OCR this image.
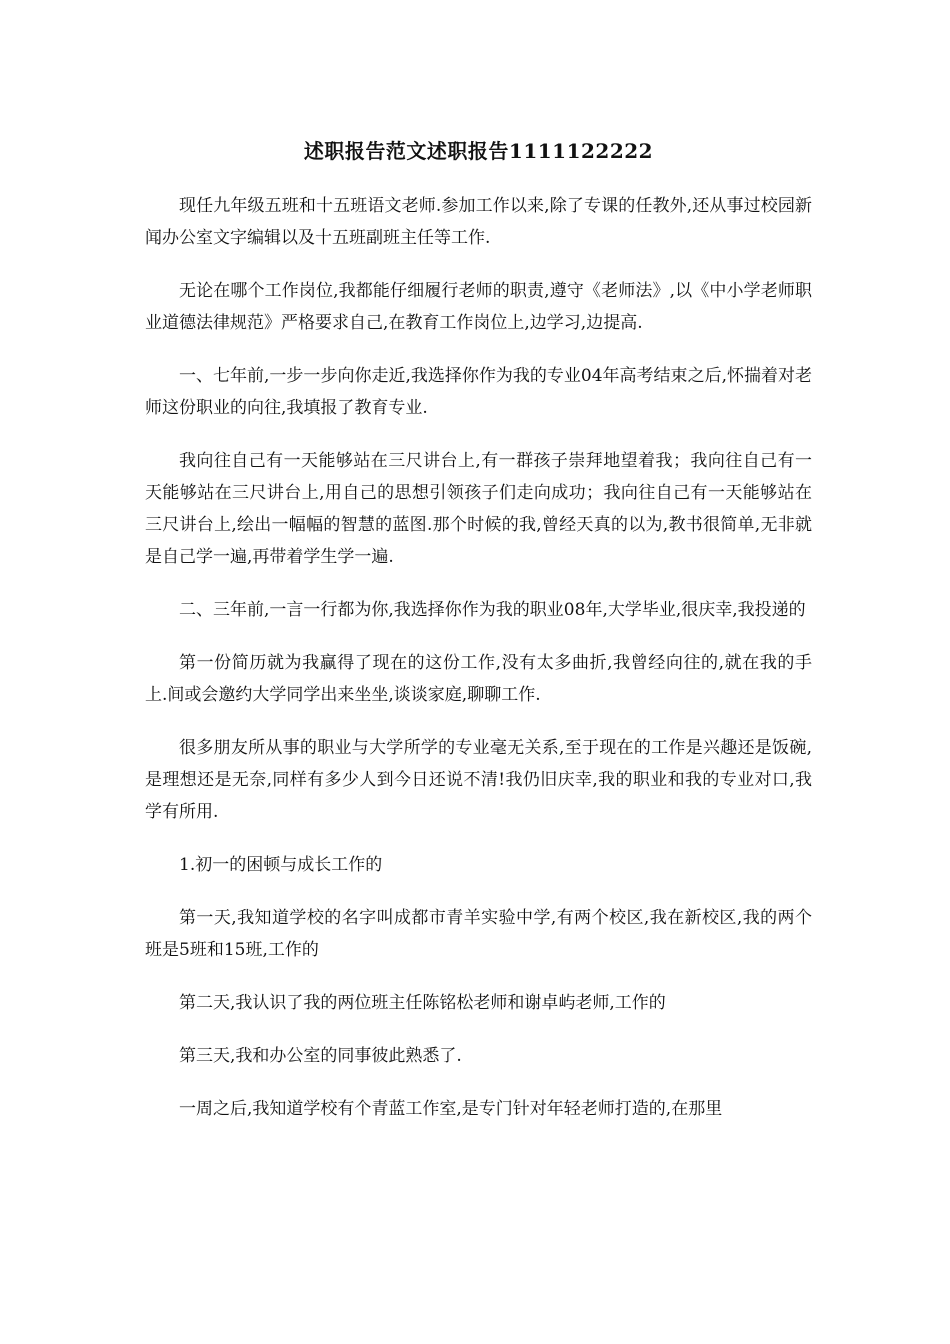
述职报告范文述职报告1111122222

现任九年级五班和十五班语文老师.参加工作以来,除了专课的任教外,还从事过校园新闻办公室文字编辑以及十五班副班主任等工作.

无论在哪个工作岗位,我都能仔细履行老师的职责,遵守《老师法》,以《中小学老师职业道德法律规范》严格要求自己,在教育工作岗位上,边学习,边提高.

一、七年前,一步一步向你走近,我选择你作为我的专业04年高考结束之后,怀揣着对老师这份职业的向往,我填报了教育专业.

我向往自己有一天能够站在三尺讲台上,有一群孩子崇拜地望着我；我向往自己有一天能够站在三尺讲台上,用自己的思想引领孩子们走向成功；我向往自己有一天能够站在三尺讲台上,绘出一幅幅的智慧的蓝图.那个时候的我,曾经天真的以为,教书很简单,无非就是自己学一遍,再带着学生学一遍.

二、三年前,一言一行都为你,我选择你作为我的职业08年,大学毕业,很庆幸,我投递的

第一份简历就为我赢得了现在的这份工作,没有太多曲折,我曾经向往的,就在我的手上.间或会邀约大学同学出来坐坐,谈谈家庭,聊聊工作.

很多朋友所从事的职业与大学所学的专业毫无关系,至于现在的工作是兴趣还是饭碗,是理想还是无奈,同样有多少人到今日还说不清!我仍旧庆幸,我的职业和我的专业对口,我学有所用.

1.初一的困顿与成长工作的

第一天,我知道学校的名字叫成都市青羊实验中学,有两个校区,我在新校区,我的两个班是5班和15班,工作的

第二天,我认识了我的两位班主任陈铭松老师和谢卓屿老师,工作的

第三天,我和办公室的同事彼此熟悉了.

一周之后,我知道学校有个青蓝工作室,是专门针对年轻老师打造的,在那里
